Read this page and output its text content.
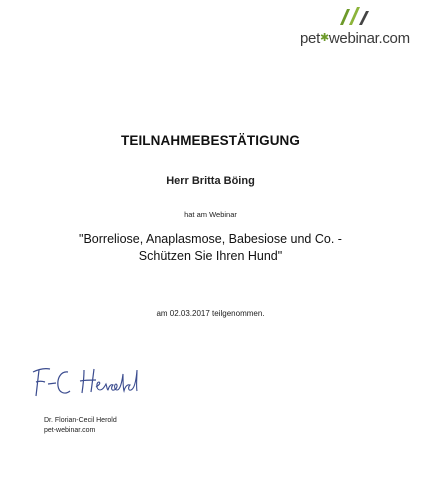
pet✱webinar.com
TEILNAHMEBESTÄTIGUNG
Herr Britta Böing
hat am Webinar
"Borreliose, Anaplasmose, Babesiose und Co. -
Schützen Sie Ihren Hund"
am 02.03.2017 teilgenommen.
Dr. Florian-Cecil Herold
pet-webinar.com
